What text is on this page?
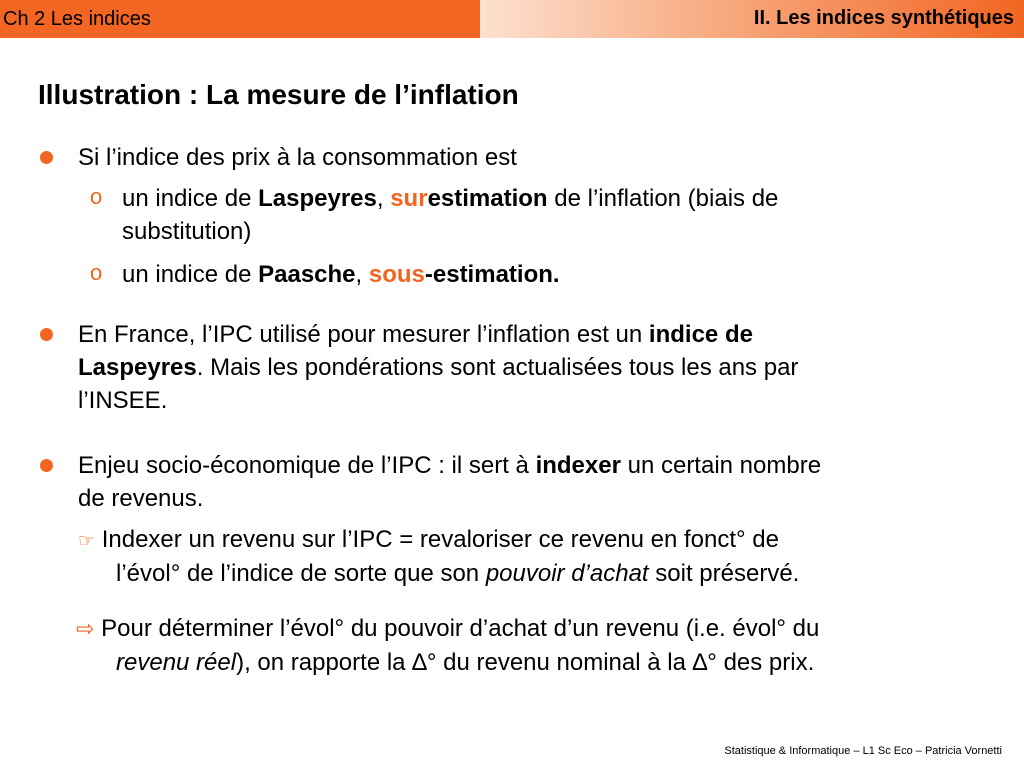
Ch 2 Les indices	II. Les indices synthétiques
Illustration : La mesure de l’inflation
Si l’indice des prix à la consommation est
o un indice de Laspeyres, surestimation de l’inflation (biais de
substitution)
o un indice de Paasche, sous-estimation.
En France, l’IPC utilisé pour mesurer l’inflation est un indice de
Laspeyres. Mais les pondérations sont actualisées tous les ans par
l’INSEE.
Enjeu socio-économique de l’IPC : il sert à indexer un certain nombre
de revenus.
☞ Indexer un revenu sur l’IPC = revaloriser ce revenu en fonct° de
l’évol° de l’indice de sorte que son pouvoir d’achat soit préservé.
⇨ Pour déterminer l’évol° du pouvoir d’achat d’un revenu (i.e. évol° du
revenu réel), on rapporte la ∆° du revenu nominal à la ∆° des prix.
Statistique & Informatique – L1 Sc Eco – Patricia Vornetti
